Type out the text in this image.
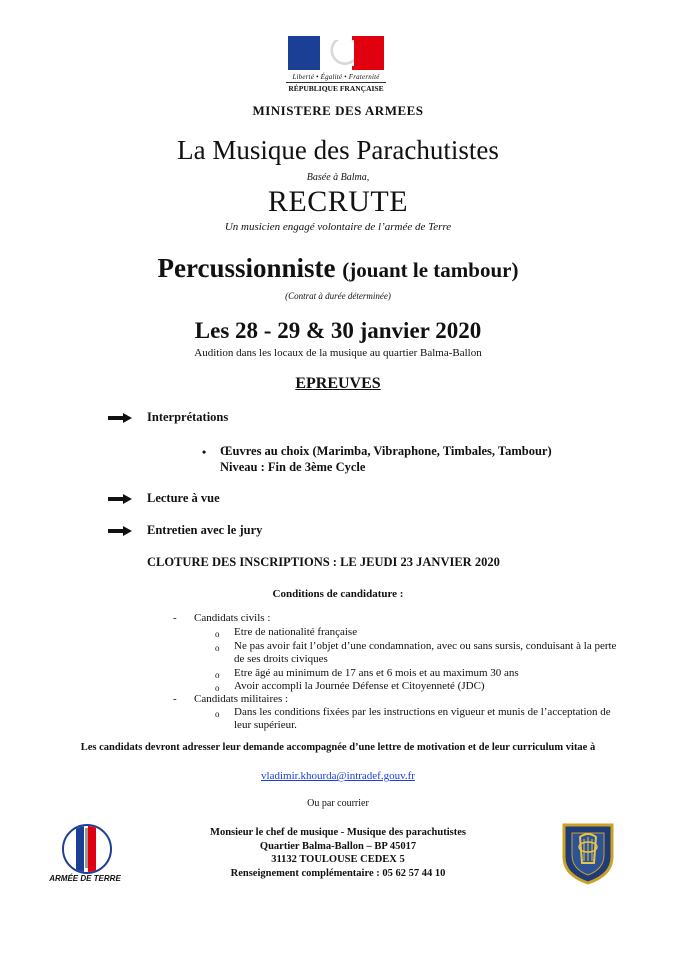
Liberté • Égalité • Fraternité
RÉPUBLIQUE FRANÇAISE
MINISTERE DES ARMEES
La Musique des Parachutistes
Basée à Balma,
RECRUTE
Un musicien engagé volontaire de l’armée de Terre
Percussionniste (jouant le tambour)
(Contrat à durée déterminée)
Les 28 - 29 & 30 janvier 2020
Audition dans les locaux de la musique au quartier Balma-Ballon
EPREUVES
Interprétations
• Œuvres au choix (Marimba, Vibraphone, Timbales, Tambour)
Niveau : Fin de 3ème Cycle
Lecture à vue
Entretien avec le jury
CLOTURE DES INSCRIPTIONS : LE JEUDI 23 JANVIER 2020
Conditions de candidature :
- Candidats civils :
o Etre de nationalité française
o Ne pas avoir fait l’objet d’une condamnation, avec ou sans sursis, conduisant à la perte de ses droits civiques
o Etre âgé au minimum de 17 ans et 6 mois et au maximum 30 ans
o Avoir accompli la Journée Défense et Citoyenneté (JDC)
- Candidats militaires :
o Dans les conditions fixées par les instructions en vigueur et munis de l’acceptation de leur supérieur.
Les candidats devront adresser leur demande accompagnée d’une lettre de motivation et de leur curriculum vitae à
vladimir.khourda@intradef.gouv.fr
Ou par courrier
Monsieur le chef de musique - Musique des parachutistes
Quartier Balma-Ballon – BP 45017
31132 TOULOUSE CEDEX 5
Renseignement complémentaire : 05 62 57 44 10
ARMÉE DE TERRE
